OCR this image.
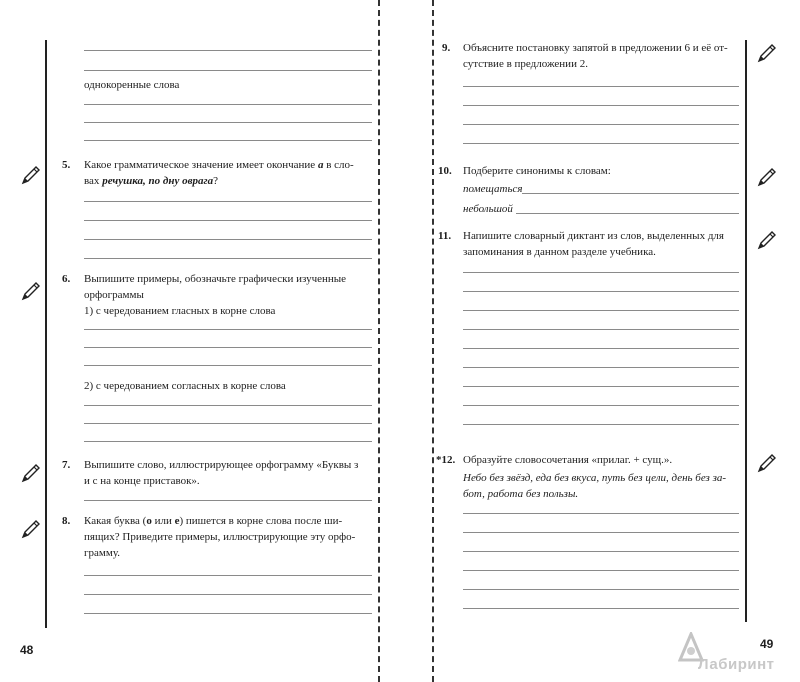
однокоренные слова
5. Какое грамматическое значение имеет окончание а в сло-
вах речушка, по дну оврага?
6. Выпишите примеры, обозначьте графически изученные
орфограммы
1) с чередованием гласных в корне слова
2) с чередованием согласных в корне слова
7. Выпишите слово, иллюстрирующее орфограмму «Буквы з
и с на конце приставок».
8. Какая буква (о или е) пишется в корне слова после ши-
пящих? Приведите примеры, иллюстрирующие эту орфо-
грамму.
48
9. Объясните постановку запятой в предложении 6 и её от-
сутствие в предложении 2.
10. Подберите синонимы к словам:
помещаться
небольшой
11. Напишите словарный диктант из слов, выделенных для
запоминания в данном разделе учебника.
*12. Образуйте словосочетания «прилаг. + сущ.».
Небо без звёзд, еда без вкуса, путь без цели, день без за-
бот, работа без пользы.
49
Лабиринт
